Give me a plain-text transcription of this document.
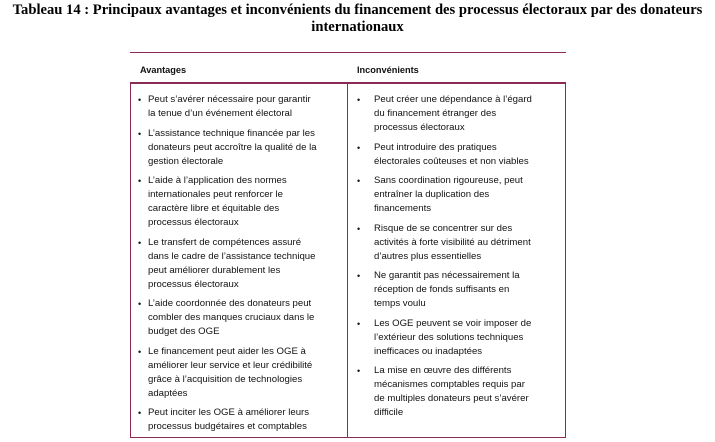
Tableau 14 : Principaux avantages et inconvénients du financement des processus électoraux par des donateurs
internationaux
Avantages	Inconvénients
• Peut s’avérer nécessaire pour garantir
la tenue d’un événement électoral
• L’assistance technique financée par les
donateurs peut accroître la qualité de la
gestion électorale
• L’aide à l’application des normes
internationales peut renforcer le
caractère libre et équitable des
processus électoraux
• Le transfert de compétences assuré
dans le cadre de l’assistance technique
peut améliorer durablement les
processus électoraux
• L’aide coordonnée des donateurs peut
combler des manques cruciaux dans le
budget des OGE
• Le financement peut aider les OGE à
améliorer leur service et leur crédibilité
grâce à l’acquisition de technologies
adaptées
• Peut inciter les OGE à améliorer leurs
processus budgétaires et comptables
• Peut créer une dépendance à l’égard
du financement étranger des
processus électoraux
• Peut introduire des pratiques
électorales coûteuses et non viables
• Sans coordination rigoureuse, peut
entraîner la duplication des
financements
• Risque de se concentrer sur des
activités à forte visibilité au détriment
d’autres plus essentielles
• Ne garantit pas nécessairement la
réception de fonds suffisants en
temps voulu
• Les OGE peuvent se voir imposer de
l’extérieur des solutions techniques
inefficaces ou inadaptées
• La mise en œuvre des différents
mécanismes comptables requis par
de multiples donateurs peut s’avérer
difficile
